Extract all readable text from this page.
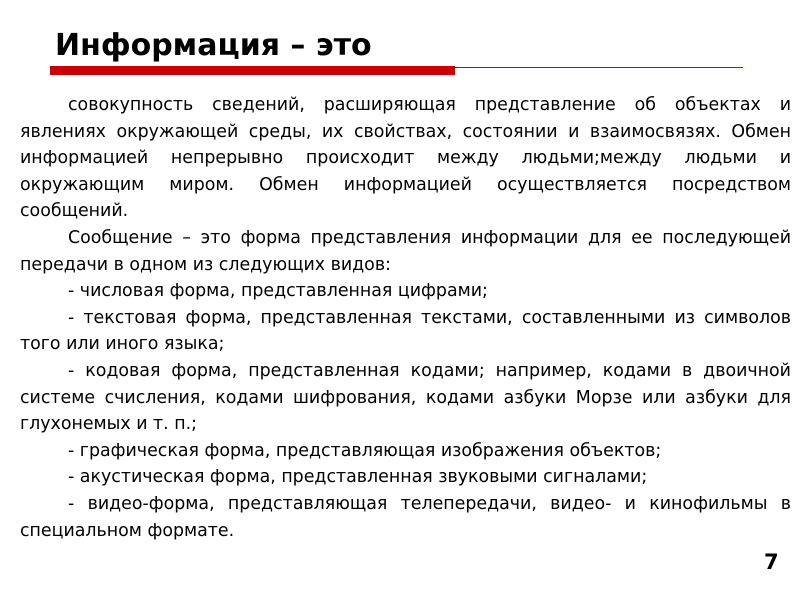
Информация – это

совокупность сведений, расширяющая представление об объектах и явлениях окружающей среды, их свойствах, состоянии и взаимосвязях. Обмен информацией непрерывно происходит между людьми;между людьми и окружающим миром. Обмен информацией осуществляется посредством сообщений.

Сообщение – это форма представления информации для ее последующей передачи в одном из следующих видов:

- числовая форма, представленная цифрами;

- текстовая форма, представленная текстами, составленными из символов того или иного языка;

- кодовая форма, представленная кодами; например, кодами в двоичной системе счисления, кодами шифрования, кодами азбуки Морзе или азбуки для глухонемых и т. п.;

- графическая форма, представляющая изображения объектов;

- акустическая форма, представленная звуковыми сигналами;

- видео-форма, представляющая телепередачи, видео- и кинофильмы в специальном формате.

7
